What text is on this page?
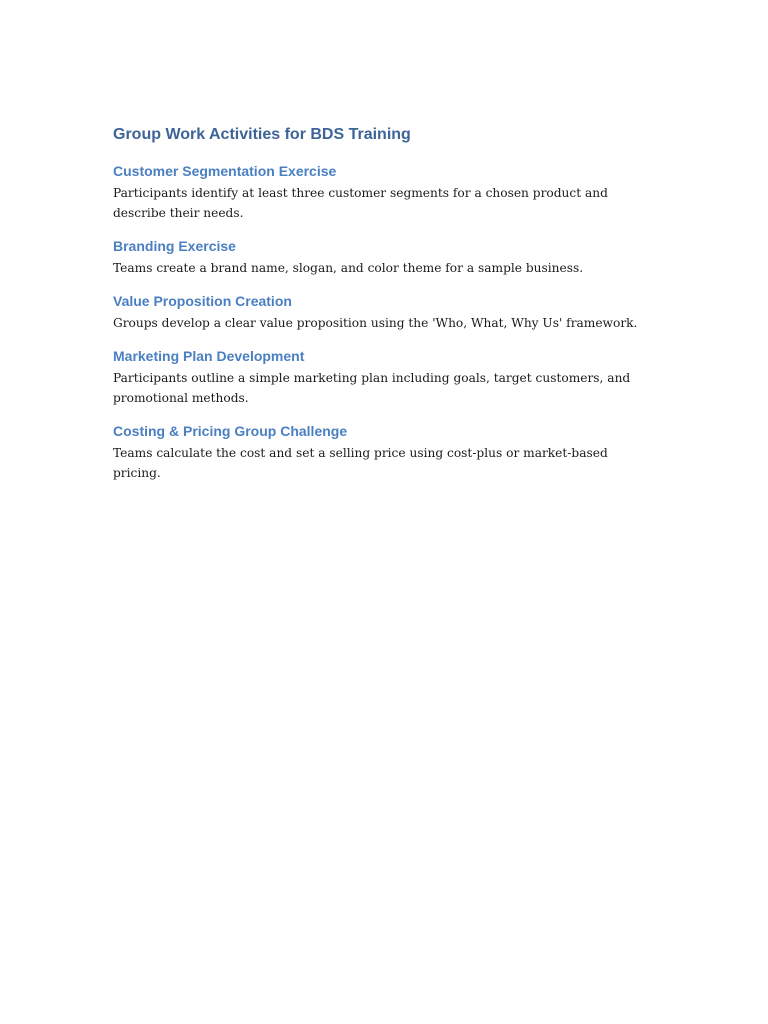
Group Work Activities for BDS Training
Customer Segmentation Exercise

Participants identify at least three customer segments for a chosen product and describe their needs.

Branding Exercise

Teams create a brand name, slogan, and color theme for a sample business.

Value Proposition Creation

Groups develop a clear value proposition using the 'Who, What, Why Us' framework.

Marketing Plan Development

Participants outline a simple marketing plan including goals, target customers, and promotional methods.

Costing & Pricing Group Challenge

Teams calculate the cost and set a selling price using cost-plus or market-based pricing.
